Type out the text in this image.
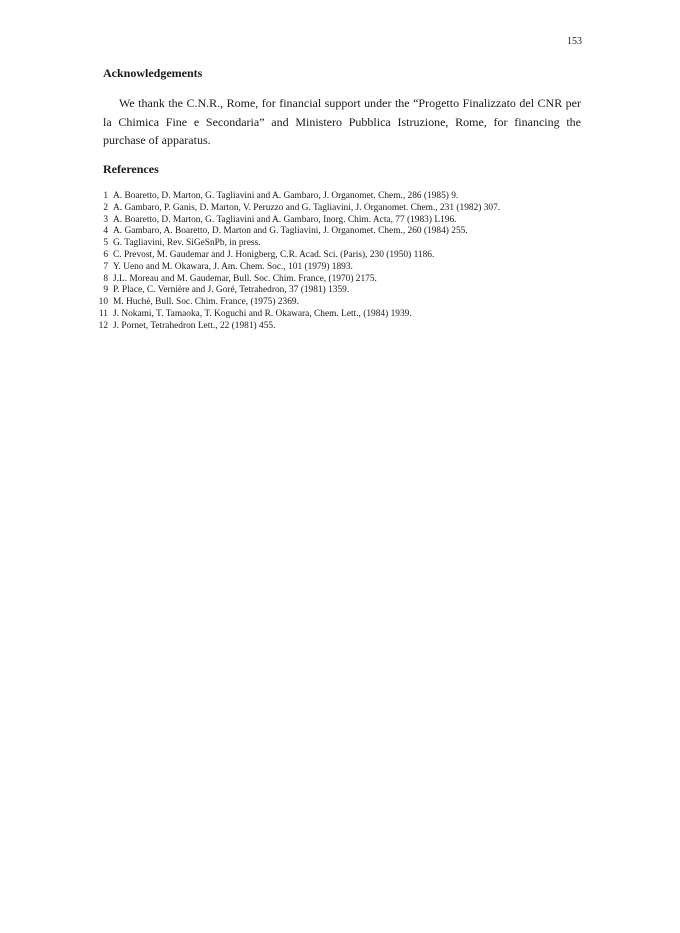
153
Acknowledgements

We thank the C.N.R., Rome, for financial support under the “Progetto Finalizzato del CNR per la Chimica Fine e Secondaria” and Ministero Pubblica Istruzione, Rome, for financing the purchase of apparatus.

References
1 A. Boaretto, D. Marton, G. Tagliavini and A. Gambaro, J. Organomet. Chem., 286 (1985) 9.
2 A. Gambaro, P. Ganis, D. Marton, V. Peruzzo and G. Tagliavini, J. Organomet. Chem., 231 (1982) 307.
3 A. Boaretto, D. Marton, G. Tagliavini and A. Gambaro, Inorg. Chim. Acta, 77 (1983) L196.
4 A. Gambaro, A. Boaretto, D. Marton and G. Tagliavini, J. Organomet. Chem., 260 (1984) 255.
5 G. Tagliavini, Rev. SiGeSnPb, in press.
6 C. Prevost, M. Gaudemar and J. Honigberg, C.R. Acad. Sci. (Paris), 230 (1950) 1186.
7 Y. Ueno and M. Okawara, J. Am. Chem. Soc., 101 (1979) 1893.
8 J.L. Moreau and M. Gaudemar, Bull. Soc. Chim. France, (1970) 2175.
9 P. Place, C. Vernière and J. Goré, Tetrahedron, 37 (1981) 1359.
10 M. Huchè, Bull. Soc. Chim. France, (1975) 2369.
11 J. Nokami, T. Tamaoka, T. Koguchi and R. Okawara, Chem. Lett., (1984) 1939.
12 J. Pornet, Tetrahedron Lett., 22 (1981) 455.
